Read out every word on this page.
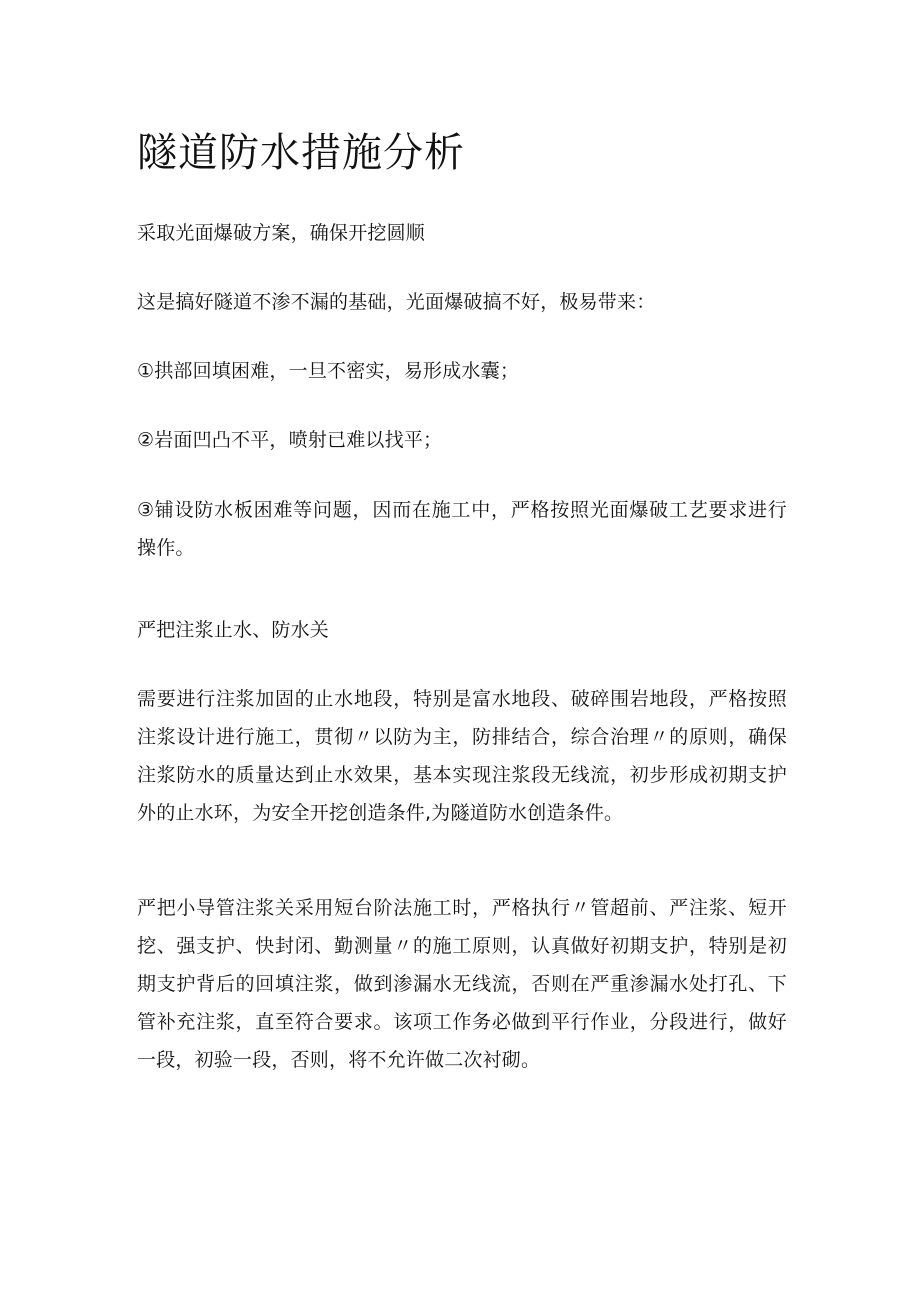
隧道防水措施分析

采取光面爆破方案，确保开挖圆顺

这是搞好隧道不渗不漏的基础，光面爆破搞不好，极易带来：

①拱部回填困难，一旦不密实，易形成水囊；

②岩面凹凸不平，喷射已难以找平；

③铺设防水板困难等问题，因而在施工中，严格按照光面爆破工艺要求进行操作。

严把注浆止水、防水关

需要进行注浆加固的止水地段，特别是富水地段、破碎围岩地段，严格按照注浆设计进行施工，贯彻〃以防为主，防排结合，综合治理〃的原则，确保注浆防水的质量达到止水效果，基本实现注浆段无线流，初步形成初期支护外的止水环，为安全开挖创造条件,为隧道防水创造条件。

严把小导管注浆关采用短台阶法施工时，严格执行〃管超前、严注浆、短开挖、强支护、快封闭、勤测量〃的施工原则，认真做好初期支护，特别是初期支护背后的回填注浆，做到渗漏水无线流，否则在严重渗漏水处打孔、下管补充注浆，直至符合要求。该项工作务必做到平行作业，分段进行，做好一段，初验一段，否则，将不允许做二次衬砌。
